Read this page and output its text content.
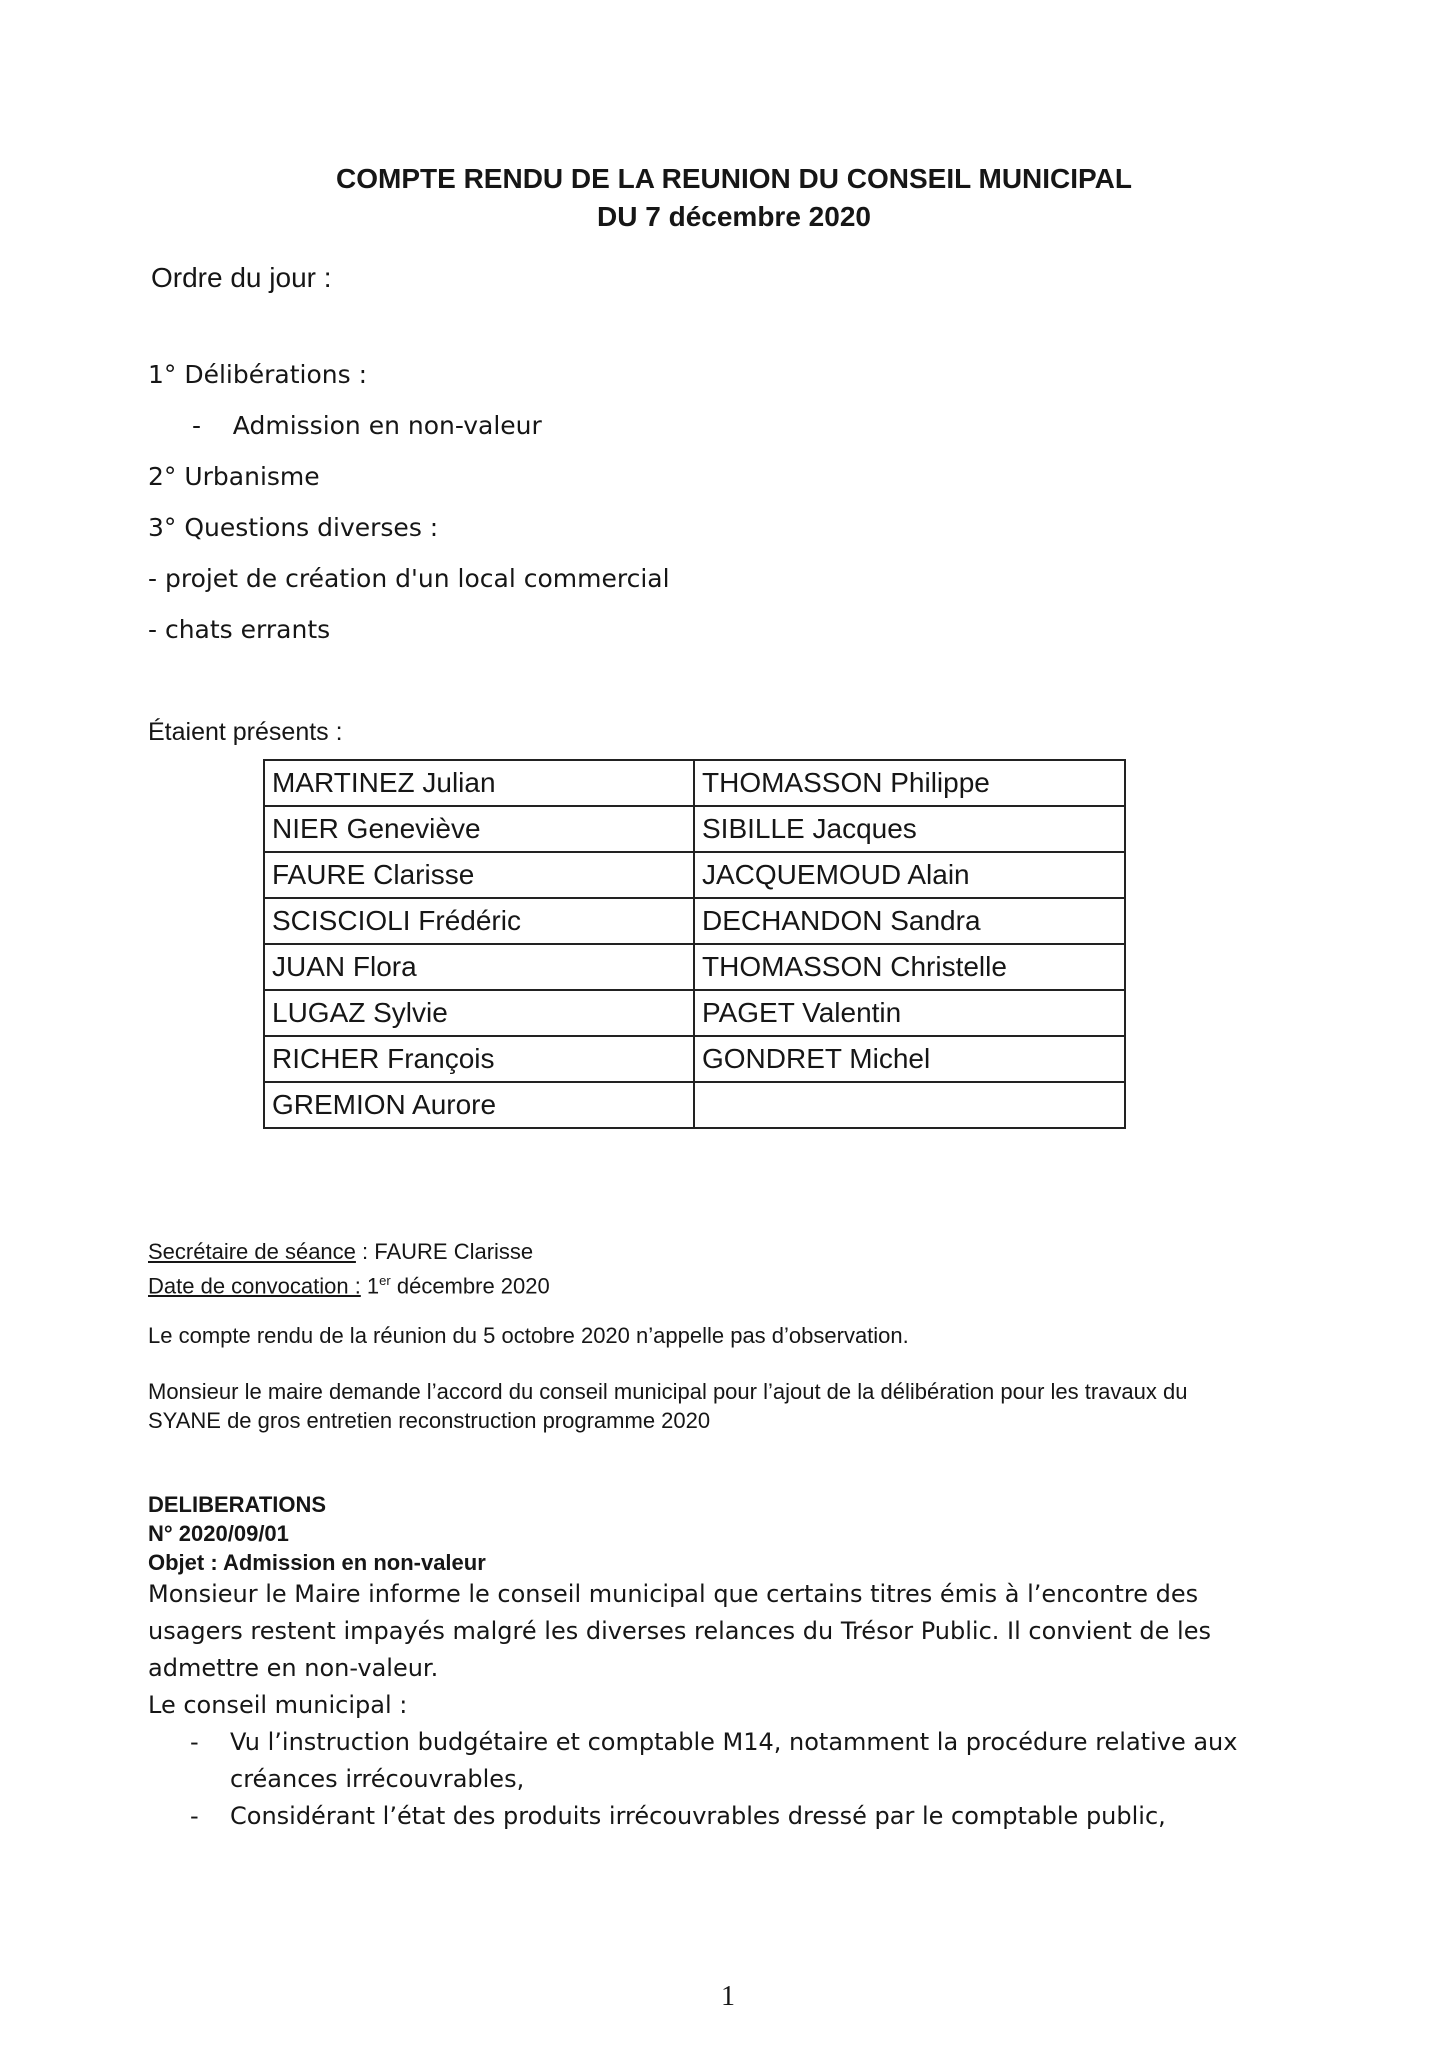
COMPTE RENDU DE LA REUNION DU CONSEIL MUNICIPAL
DU 7 décembre 2020
Ordre du jour :
1° Délibérations :
-    Admission en non-valeur
2° Urbanisme
3° Questions diverses :
- projet de création d'un local commercial
- chats errants
Étaient présents :
MARTINEZ Julian	THOMASSON Philippe
NIER Geneviève	SIBILLE Jacques
FAURE Clarisse	JACQUEMOUD Alain
SCISCIOLI Frédéric	DECHANDON Sandra
JUAN Flora	THOMASSON Christelle
LUGAZ Sylvie	PAGET Valentin
RICHER François	GONDRET Michel
GREMION Aurore	
Secrétaire de séance : FAURE Clarisse
Date de convocation : 1er décembre 2020
Le compte rendu de la réunion du 5 octobre 2020 n’appelle pas d’observation.
Monsieur le maire demande l’accord du conseil municipal pour l’ajout de la délibération pour les travaux du SYANE de gros entretien reconstruction programme 2020
DELIBERATIONS
N° 2020/09/01
Objet : Admission en non-valeur
Monsieur le Maire informe le conseil municipal que certains titres émis à l’encontre des usagers restent impayés malgré les diverses relances du Trésor Public. Il convient de les admettre en non-valeur.
Le conseil municipal :
-	Vu l’instruction budgétaire et comptable M14, notamment la procédure relative aux créances irrécouvrables,
-	Considérant l’état des produits irrécouvrables dressé par le comptable public,
1
